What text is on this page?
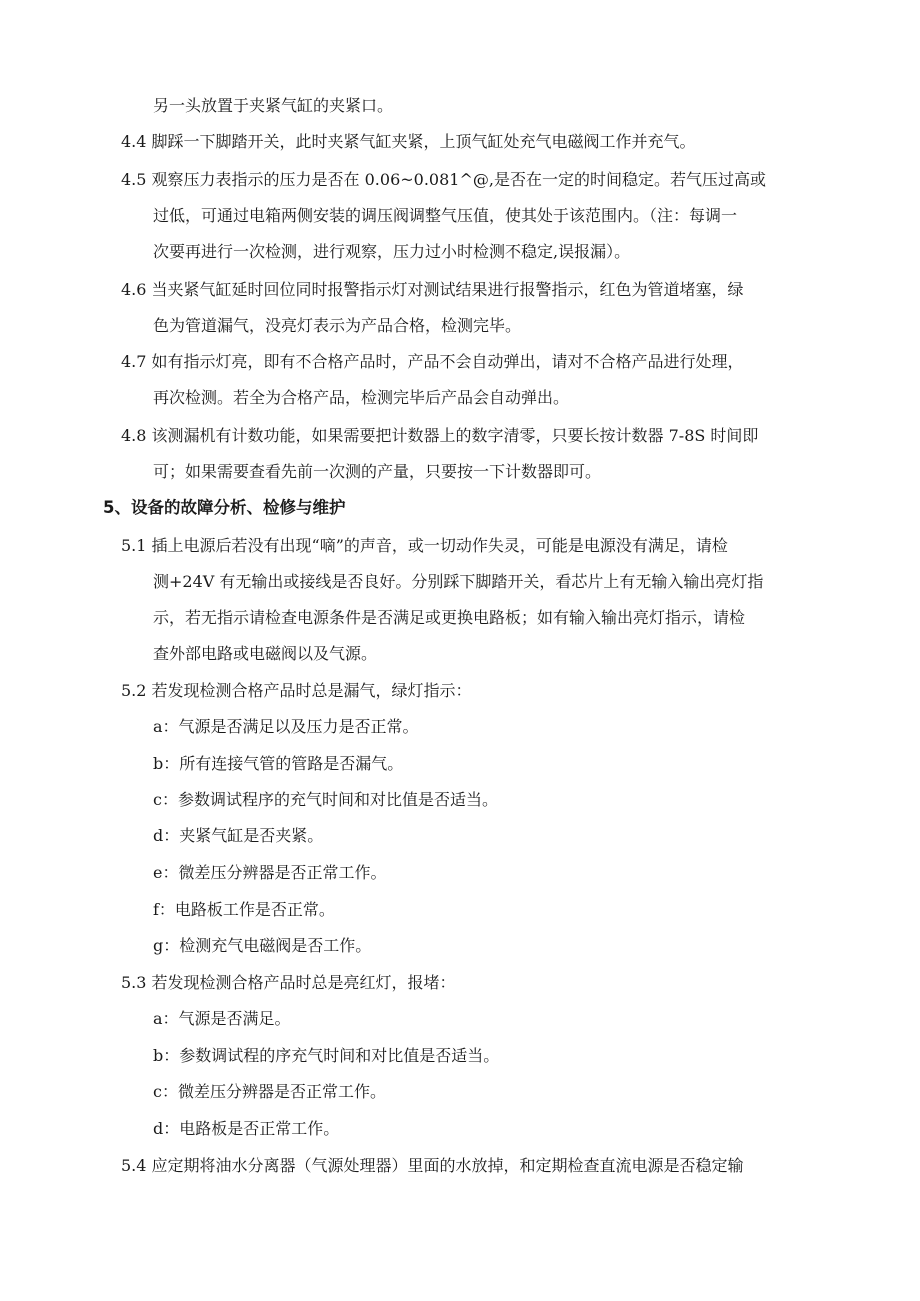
另一头放置于夹紧气缸的夹紧口。
4.4 脚踩一下脚踏开关，此时夹紧气缸夹紧，上顶气缸处充气电磁阀工作并充气。
4.5 观察压力表指示的压力是否在 0.06~0.081^@,是否在一定的时间稳定。若气压过高或
过低，可通过电箱两侧安装的调压阀调整气压值，使其处于该范围内。（注：每调一
次要再进行一次检测，进行观察，压力过小时检测不稳定,误报漏）。
4.6 当夹紧气缸延时回位同时报警指示灯对测试结果进行报警指示，红色为管道堵塞，绿
色为管道漏气，没亮灯表示为产品合格，检测完毕。
4.7 如有指示灯亮，即有不合格产品时，产品不会自动弹出，请对不合格产品进行处理，
再次检测。若全为合格产品，检测完毕后产品会自动弹出。
4.8 该测漏机有计数功能，如果需要把计数器上的数字清零，只要长按计数器 7-8S 时间即
可；如果需要查看先前一次测的产量，只要按一下计数器即可。
5、设备的故障分析、检修与维护
5.1 插上电源后若没有出现“嘀”的声音，或一切动作失灵，可能是电源没有满足，请检
测+24V 有无输出或接线是否良好。分别踩下脚踏开关，看芯片上有无输入输出亮灯指
示，若无指示请检查电源条件是否满足或更换电路板；如有输入输出亮灯指示，请检
查外部电路或电磁阀以及气源。
5.2 若发现检测合格产品时总是漏气，绿灯指示：
a：气源是否满足以及压力是否正常。
b：所有连接气管的管路是否漏气。
c：参数调试程序的充气时间和对比值是否适当。
d：夹紧气缸是否夹紧。
e：微差压分辨器是否正常工作。
f：电路板工作是否正常。
g：检测充气电磁阀是否工作。
5.3 若发现检测合格产品时总是亮红灯，报堵：
a：气源是否满足。
b：参数调试程的序充气时间和对比值是否适当。
c：微差压分辨器是否正常工作。
d：电路板是否正常工作。
5.4 应定期将油水分离器（气源处理器）里面的水放掉，和定期检查直流电源是否稳定输
